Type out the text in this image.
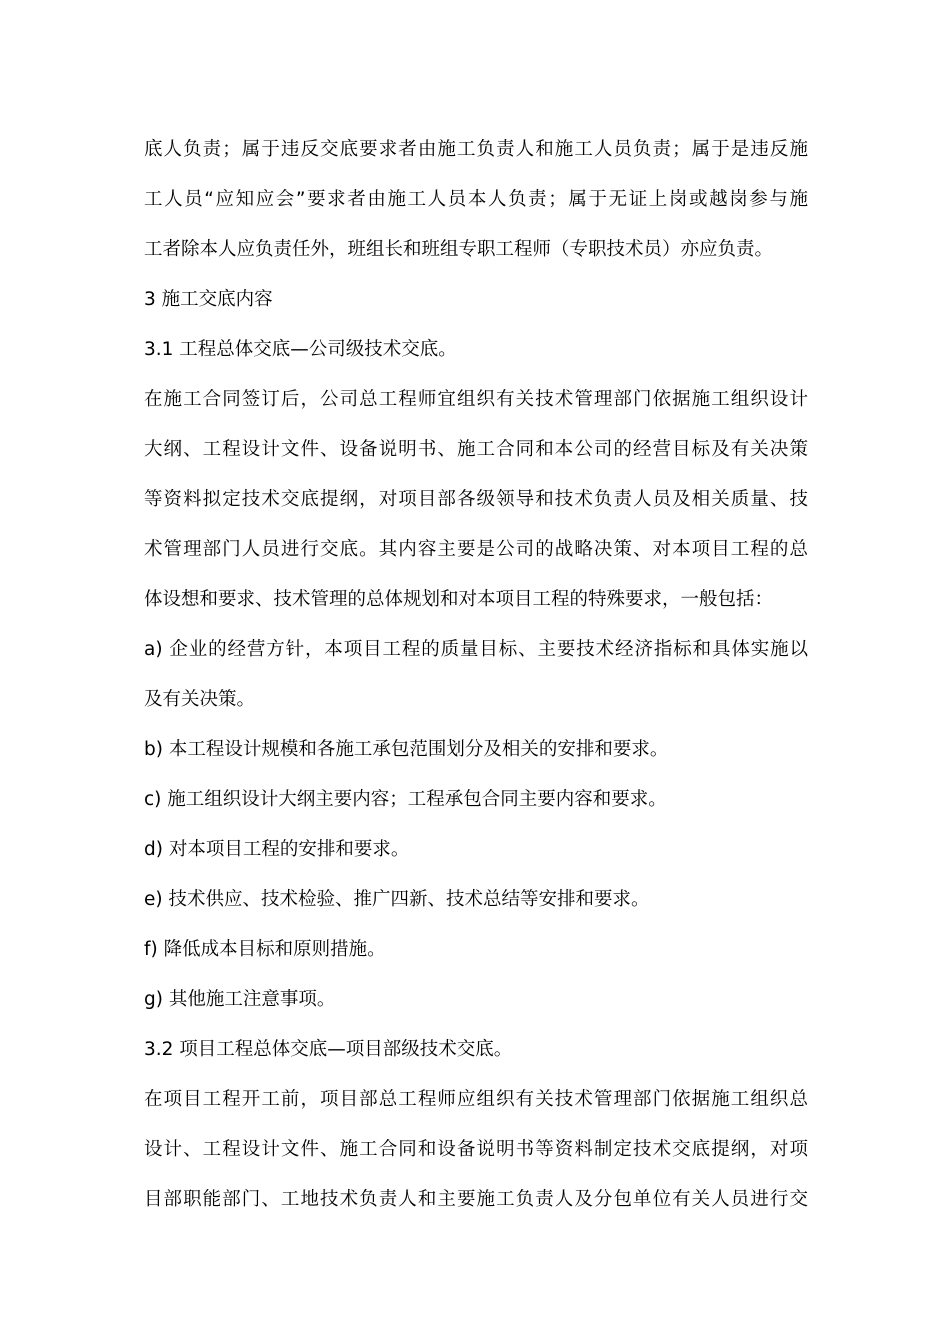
底人负责；属于违反交底要求者由施工负责人和施工人员负责；属于是违反施
工人员“应知应会”要求者由施工人员本人负责；属于无证上岗或越岗参与施
工者除本人应负责任外，班组长和班组专职工程师（专职技术员）亦应负责。
3 施工交底内容
3.1 工程总体交底—公司级技术交底。
在施工合同签订后，公司总工程师宜组织有关技术管理部门依据施工组织设计
大纲、工程设计文件、设备说明书、施工合同和本公司的经营目标及有关决策
等资料拟定技术交底提纲，对项目部各级领导和技术负责人员及相关质量、技
术管理部门人员进行交底。其内容主要是公司的战略决策、对本项目工程的总
体设想和要求、技术管理的总体规划和对本项目工程的特殊要求，一般包括：
a) 企业的经营方针，本项目工程的质量目标、主要技术经济指标和具体实施以
及有关决策。
b) 本工程设计规模和各施工承包范围划分及相关的安排和要求。
c) 施工组织设计大纲主要内容；工程承包合同主要内容和要求。
d) 对本项目工程的安排和要求。
e) 技术供应、技术检验、推广四新、技术总结等安排和要求。
f) 降低成本目标和原则措施。
g) 其他施工注意事项。
3.2 项目工程总体交底—项目部级技术交底。
在项目工程开工前，项目部总工程师应组织有关技术管理部门依据施工组织总
设计、工程设计文件、施工合同和设备说明书等资料制定技术交底提纲，对项
目部职能部门、工地技术负责人和主要施工负责人及分包单位有关人员进行交
